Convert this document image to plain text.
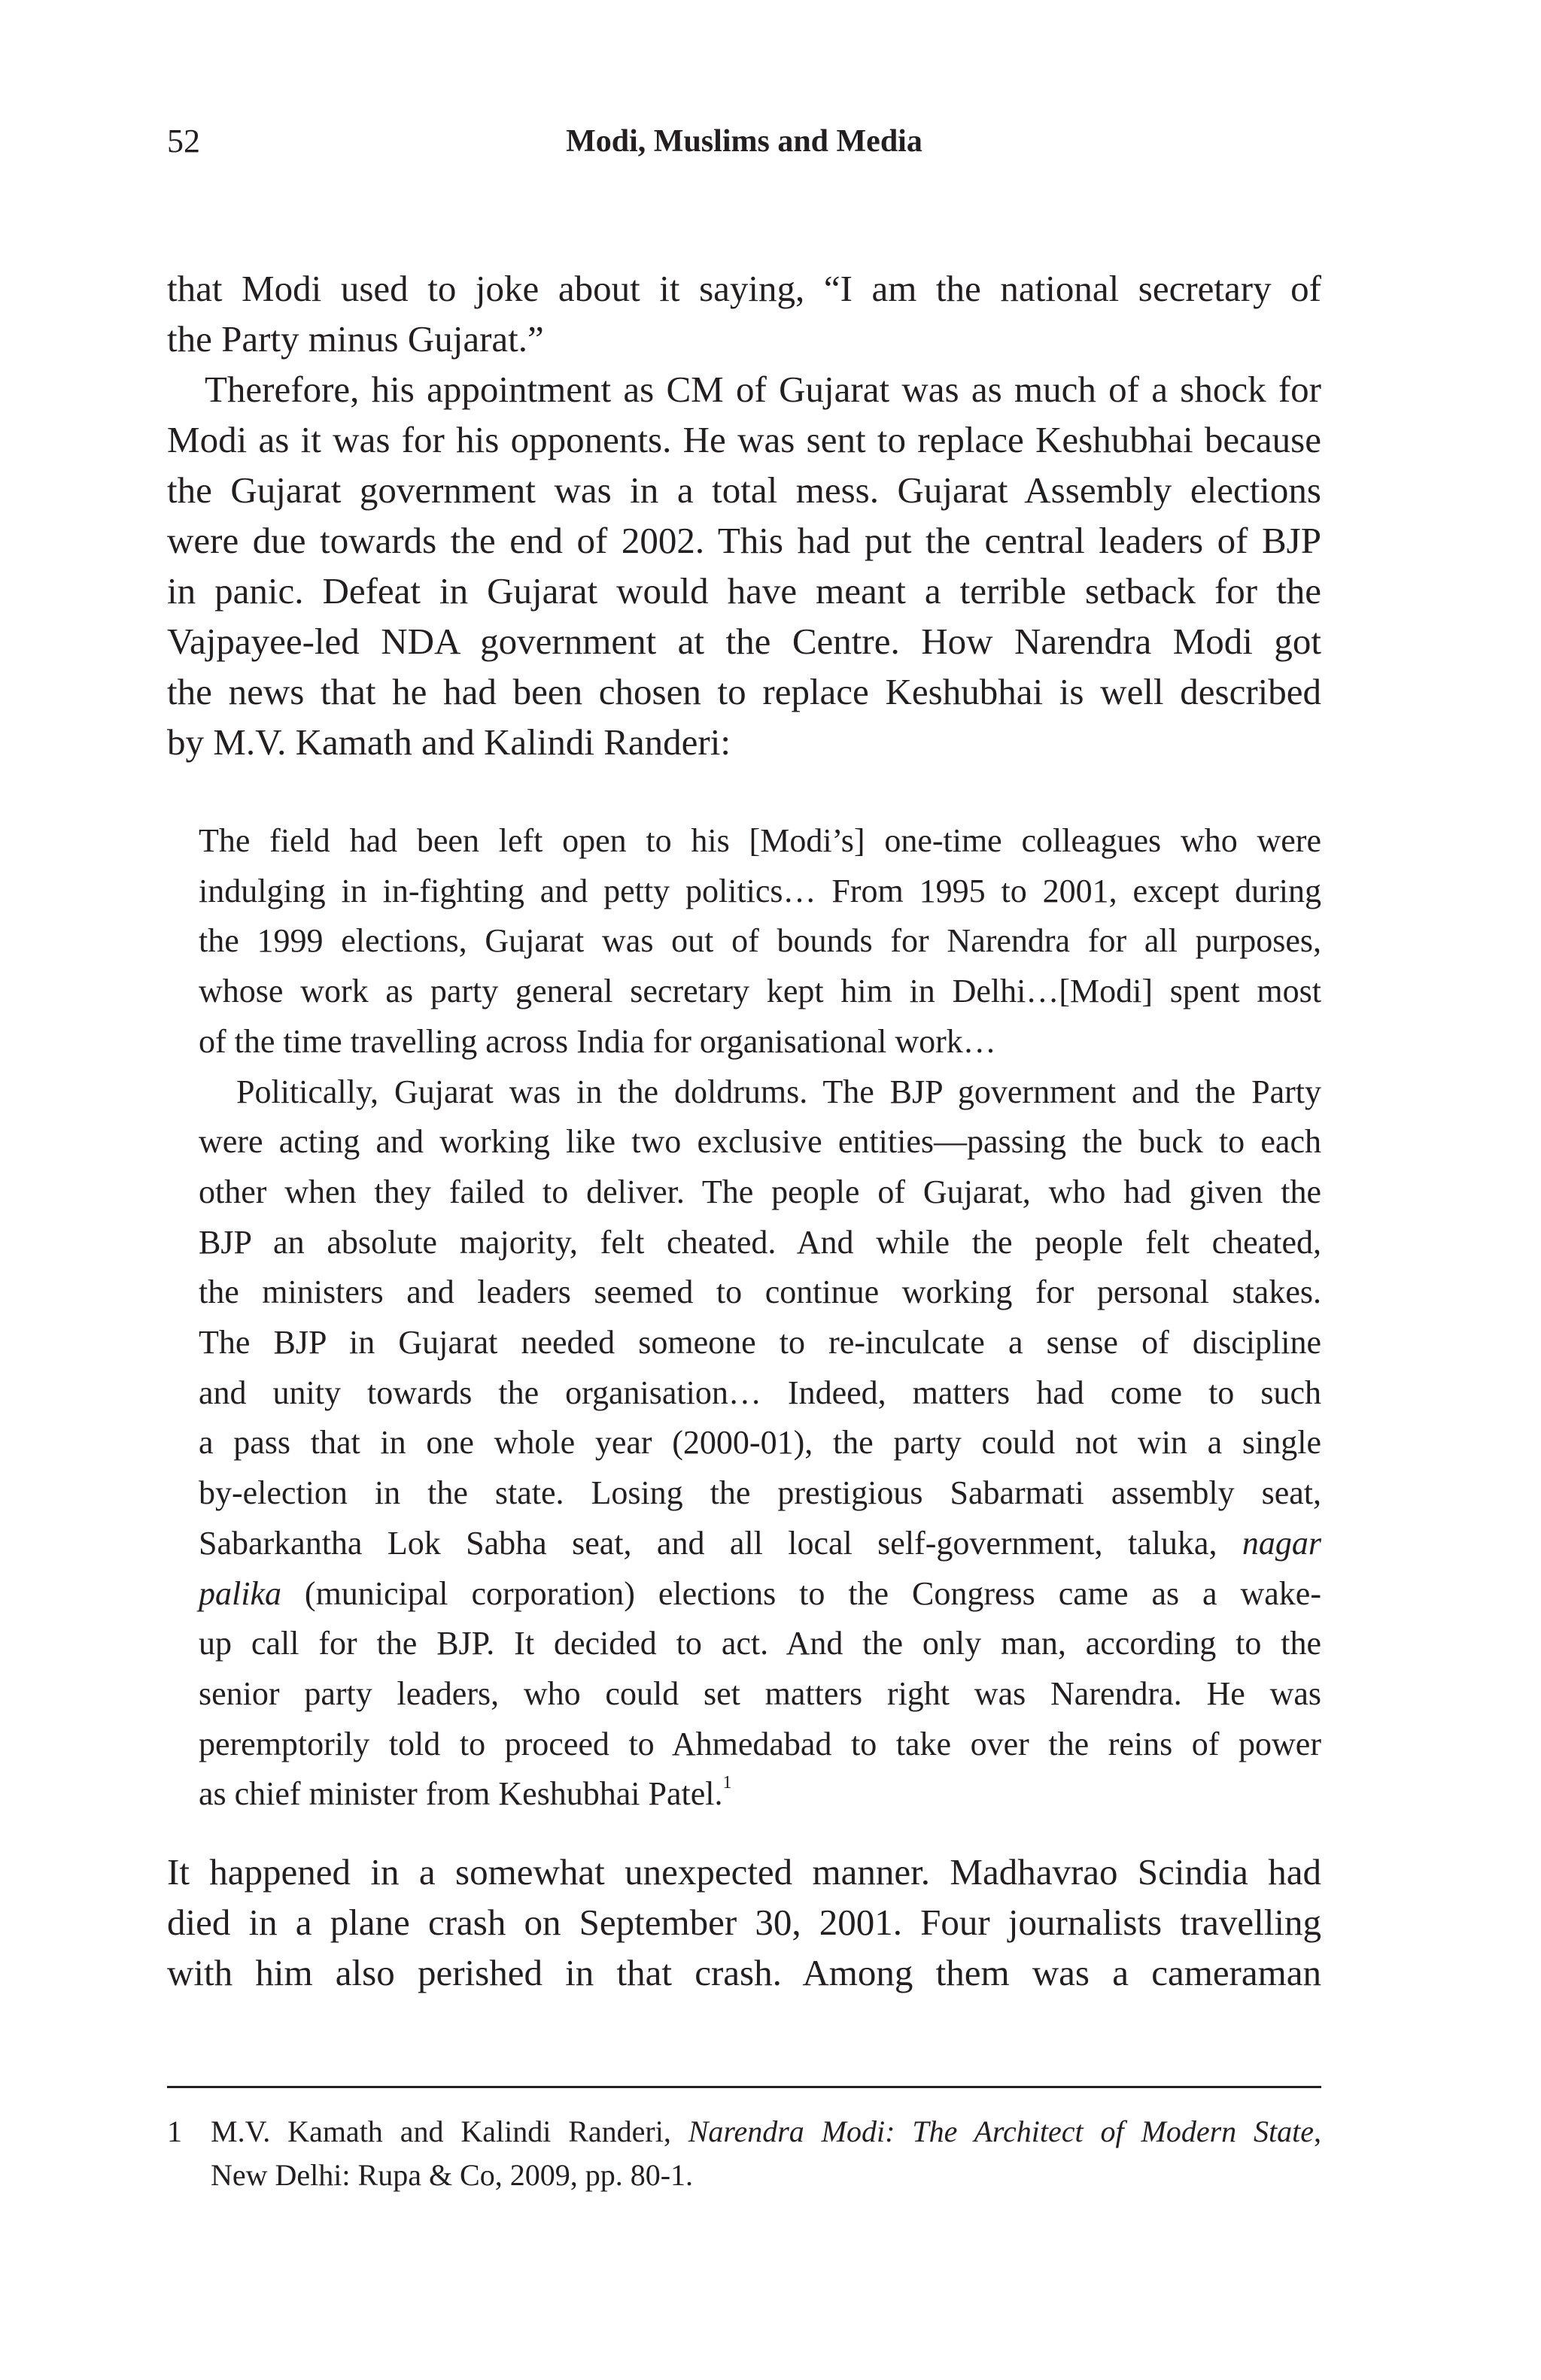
52	Modi, Muslims and Media
that Modi used to joke about it saying, “I am the national secretary of
the Party minus Gujarat.”
Therefore, his appointment as CM of Gujarat was as much of a shock for
Modi as it was for his opponents. He was sent to replace Keshubhai because
the Gujarat government was in a total mess. Gujarat Assembly elections
were due towards the end of 2002. This had put the central leaders of BJP
in panic. Defeat in Gujarat would have meant a terrible setback for the
Vajpayee-led NDA government at the Centre. How Narendra Modi got
the news that he had been chosen to replace Keshubhai is well described
by M.V. Kamath and Kalindi Randeri:
The field had been left open to his [Modi’s] one-time colleagues who were
indulging in in-fighting and petty politics… From 1995 to 2001, except during
the 1999 elections, Gujarat was out of bounds for Narendra for all purposes,
whose work as party general secretary kept him in Delhi…[Modi] spent most
of the time travelling across India for organisational work…
Politically, Gujarat was in the doldrums. The BJP government and the Party
were acting and working like two exclusive entities—passing the buck to each
other when they failed to deliver. The people of Gujarat, who had given the
BJP an absolute majority, felt cheated. And while the people felt cheated,
the ministers and leaders seemed to continue working for personal stakes.
The BJP in Gujarat needed someone to re-inculcate a sense of discipline
and unity towards the organisation… Indeed, matters had come to such
a pass that in one whole year (2000-01), the party could not win a single
by-election in the state. Losing the prestigious Sabarmati assembly seat,
Sabarkantha Lok Sabha seat, and all local self-government, taluka, nagar
palika (municipal corporation) elections to the Congress came as a wake-
up call for the BJP. It decided to act. And the only man, according to the
senior party leaders, who could set matters right was Narendra. He was
peremptorily told to proceed to Ahmedabad to take over the reins of power
as chief minister from Keshubhai Patel.$^1$
It happened in a somewhat unexpected manner. Madhavrao Scindia had
died in a plane crash on September 30, 2001. Four journalists travelling
with him also perished in that crash. Among them was a cameraman
1 M.V. Kamath and Kalindi Randeri, Narendra Modi: The Architect of Modern State,
New Delhi: Rupa & Co, 2009, pp. 80-1.
